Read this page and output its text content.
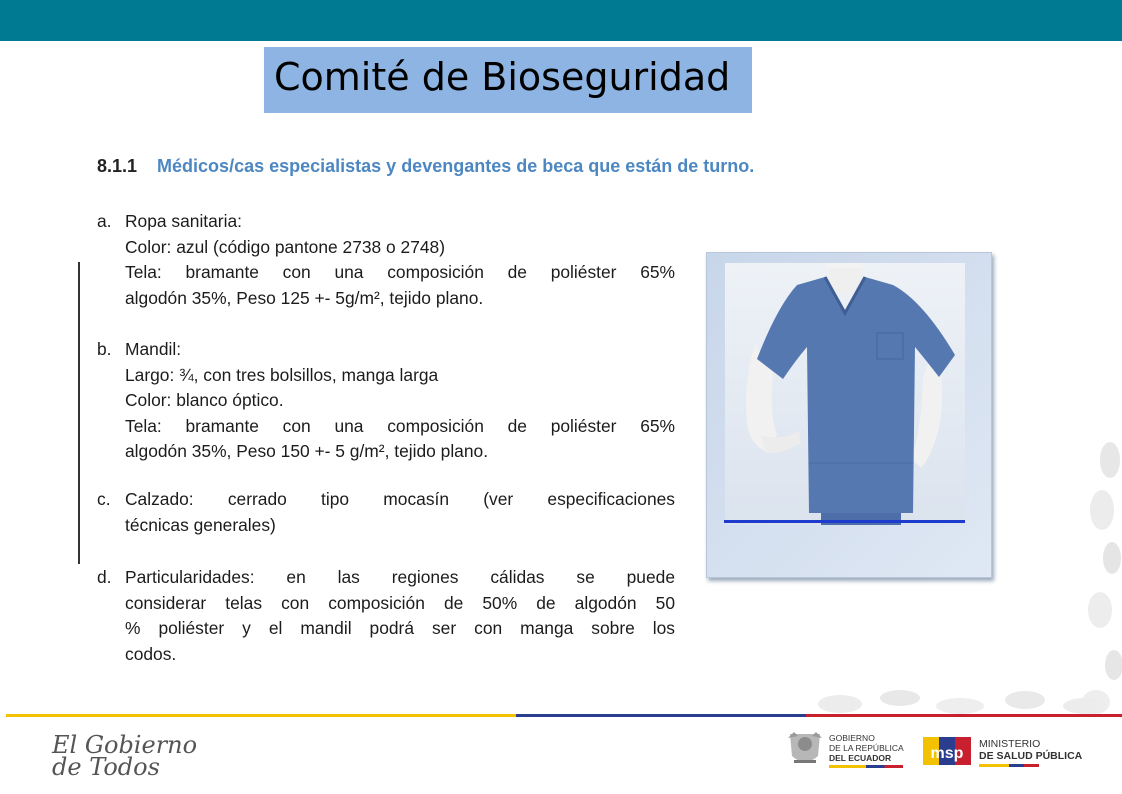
Comité de Bioseguridad
8.1.1 Médicos/cas especialistas y devengantes de beca que están de turno.
a. Ropa sanitaria:
Color: azul (código pantone 2738 o 2748)
Tela: bramante con una composición de poliéster 65%
algodón 35%, Peso 125 +- 5g/m², tejido plano.
b. Mandil:
Largo: ¾, con tres bolsillos, manga larga
Color: blanco óptico.
Tela: bramante con una composición de poliéster 65%
algodón 35%, Peso 150 +- 5 g/m², tejido plano.
c. Calzado: cerrado tipo mocasín (ver especificaciones
técnicas generales)
d. Particularidades: en las regiones cálidas se puede
considerar telas con composición de 50% de algodón 50
% poliéster y el mandil podrá ser con manga sobre los
codos.
El Gobierno
de Todos
GOBIERNO
DE LA REPÚBLICA
DEL ECUADOR	msp
MINISTERIO
DE SALUD PÚBLICA
